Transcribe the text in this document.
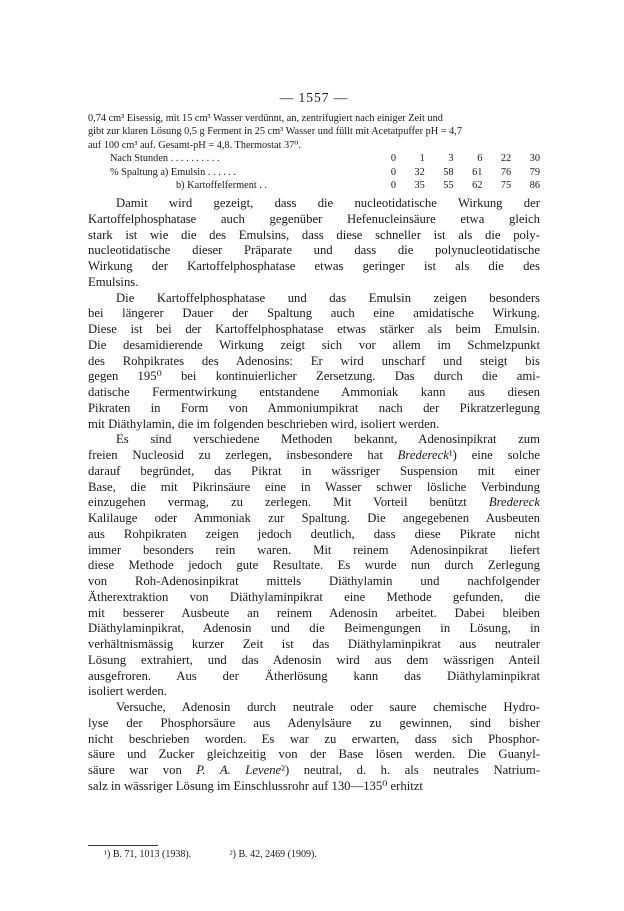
— 1557 —
0,74 cm³ Eisessig, mit 15 cm³ Wasser verdünnt, an, zentrifugiert nach einiger Zeit und
gibt zur klaren Lösung 0,5 g Ferment in 25 cm³ Wasser und füllt mit Acetatpuffer pH = 4,7
auf 100 cm³ auf. Gesamt-pH = 4,8. Thermostat 37⁰.
Nach Stunden . . . . . . . . . .	0	1	3	6	22	30
% Spaltung a) Emulsin . . . . . .	0	32	58	61	76	79
b) Kartoffelferment . .	0	35	55	62	75	86
Damit wird gezeigt, dass die nucleotidatische Wirkung der
Kartoffelphosphatase auch gegenüber Hefenucleinsäure etwa gleich
stark ist wie die des Emulsins, dass diese schneller ist als die poly-
nucleotidatische dieser Präparate und dass die polynucleotidatische
Wirkung der Kartoffelphosphatase etwas geringer ist als die des
Emulsins.
Die Kartoffelphosphatase und das Emulsin zeigen besonders
bei längerer Dauer der Spaltung auch eine amidatische Wirkung.
Diese ist bei der Kartoffelphosphatase etwas stärker als beim Emulsin.
Die desamidierende Wirkung zeigt sich vor allem im Schmelzpunkt
des Rohpikrates des Adenosins: Er wird unscharf und steigt bis
gegen 195⁰ bei kontinuierlicher Zersetzung. Das durch die ami-
datische Fermentwirkung entstandene Ammoniak kann aus diesen
Pikraten in Form von Ammoniumpikrat nach der Pikratzerlegung
mit Diäthylamin, die im folgenden beschrieben wird, isoliert werden.
Es sind verschiedene Methoden bekannt, Adenosinpikrat zum
freien Nucleosid zu zerlegen, insbesondere hat Bredereck¹) eine solche
darauf begründet, das Pikrat in wässriger Suspension mit einer
Base, die mit Pikrinsäure eine in Wasser schwer lösliche Verbindung
einzugehen vermag, zu zerlegen. Mit Vorteil benützt Bredereck
Kalilauge oder Ammoniak zur Spaltung. Die angegebenen Ausbeuten
aus Rohpikraten zeigen jedoch deutlich, dass diese Pikrate nicht
immer besonders rein waren. Mit reinem Adenosinpikrat liefert
diese Methode jedoch gute Resultate. Es wurde nun durch Zerlegung
von Roh-Adenosinpikrat mittels Diäthylamin und nachfolgender
Ätherextraktion von Diäthylaminpikrat eine Methode gefunden, die
mit besserer Ausbeute an reinem Adenosin arbeitet. Dabei bleiben
Diäthylaminpikrat, Adenosin und die Beimengungen in Lösung, in
verhältnismässig kurzer Zeit ist das Diäthylaminpikrat aus neutraler
Lösung extrahiert, und das Adenosin wird aus dem wässrigen Anteil
ausgefroren. Aus der Ätherlösung kann das Diäthylaminpikrat
isoliert werden.
Versuche, Adenosin durch neutrale oder saure chemische Hydro-
lyse der Phosphorsäure aus Adenylsäure zu gewinnen, sind bisher
nicht beschrieben worden. Es war zu erwarten, dass sich Phosphor-
säure und Zucker gleichzeitig von der Base lösen werden. Die Guanyl-
säure war von P. A. Levene²) neutral, d. h. als neutrales Natrium-
salz in wässriger Lösung im Einschlussrohr auf 130—135⁰ erhitzt
¹) B. 71, 1013 (1938).	²) B. 42, 2469 (1909).
